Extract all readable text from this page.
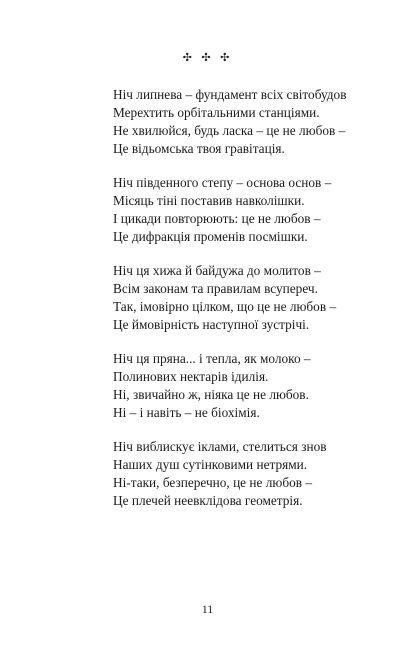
✣ ✣ ✣
Ніч липнева – фундамент всіх світобудов
Мерехтить орбітальними станціями.
Не хвилюйся, будь ласка – це не любов –
Це відьомська твоя гравітація.
Ніч південного степу – основа основ –
Місяць тіні поставив навколішки.
І цикади повторюють: це не любов –
Це дифракція променів посмішки.
Ніч ця хижа й байдужа до молитов –
Всім законам та правилам всупереч.
Так, імовірно цілком, що це не любов –
Це ймовірність наступної зустрічі.
Ніч ця пряна... і тепла, як молоко –
Полинових нектарів ідилія.
Ні, звичайно ж, ніяка це не любов.
Ні – і навіть – не біохімія.
Ніч виблискує іклами, стелиться знов
Наших душ сутінковими нетрями.
Ні-таки, безперечно, це не любов –
Це плечей неевклідова геометрія.
11
